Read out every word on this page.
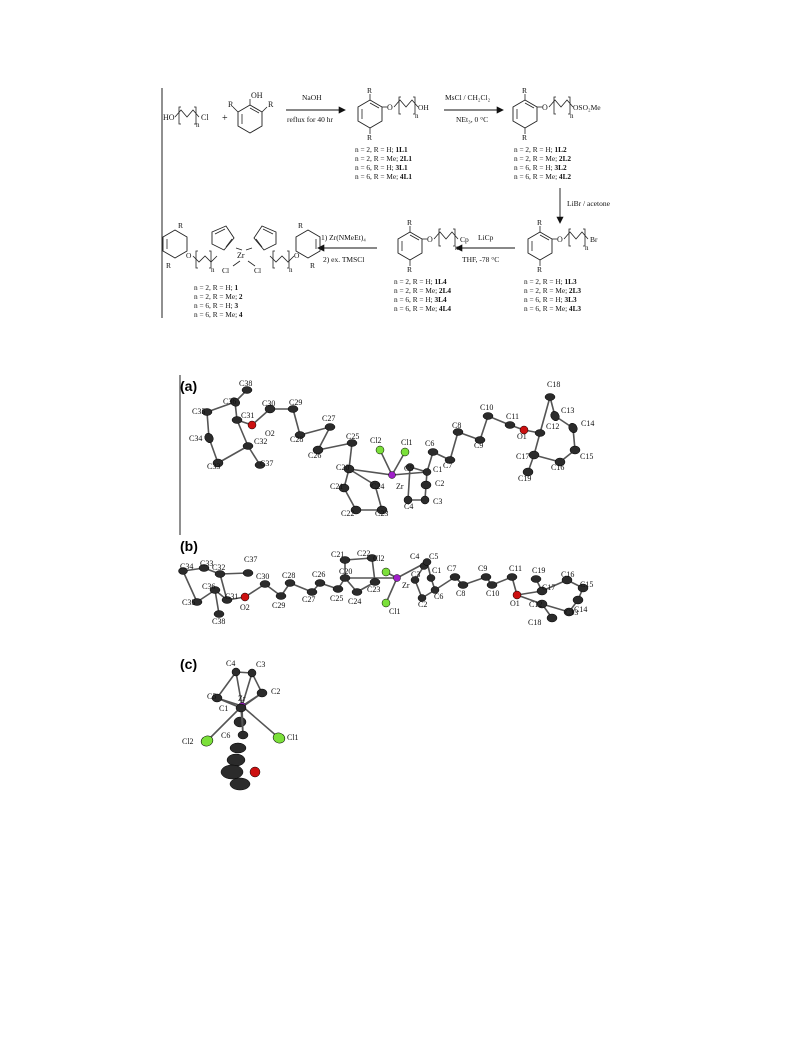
HO
n
Cl +
OH
R	R
NaOH
reflux for 40 hr
R
R
O
n
OH
n = 2, R = H; 1L1
n = 2, R = Me; 2L1
n = 6, R = H; 3L1
n = 6, R = Me; 4L1
MsCl / CH₂Cl₂
NEt₃, 0 °C
R
R
O
n
OSO₂Me
n = 2, R = H; 1L2
n = 2, R = Me; 2L2
n = 6, R = H; 3L2
n = 6, R = Me; 4L2
LiBr / acetone
R
R
O
n
Br
n = 2, R = H; 1L3
n = 2, R = Me; 2L3
n = 6, R = H; 3L3
n = 6, R = Me; 4L3
LiCp
THF, -78 °C
R
R
O
n
Cp
n = 2, R = H; 1L4
n = 2, R = Me; 2L4
n = 6, R = H; 3L4
n = 6, R = Me; 4L4
1) Zr(NMeEt)₄
2) ex. TMSCl
R
R
O
n
Zr
Cl	Cl	n
O
R
R
n = 2, R = H; 1
n = 2, R = Me; 2
n = 6, R = H; 3
n = 6, R = Me; 4
(a)	C38
C36
C35
C30 C29
C31
O2
C27
C34	C32	C28
C33	C37
C26
C25 Cl2 Cl1
C20
Zr
C21	C24
C22	C23
C5 C1
C2
C4
C3
C6
C7
C8
C9
C10
C11
O1
C12
C18
C13
C14
C15
C16
C17
C19
(b)
C34 C33
C32
C37
C36
C31
C35
C38
O2
C30
C29
C28
C27
C26
C25
C20
C21 C22
C24
C23
Cl2
Zr
Cl1
C4 C5
C3 C1
C6
C2
C7
C8
C9
C10
C11
O1
C19
C17
C16
C15
C12
C18
C13
C14
(c)	C4	C3
C5
C2
Zr
C1
C6
Cl2	Cl1
